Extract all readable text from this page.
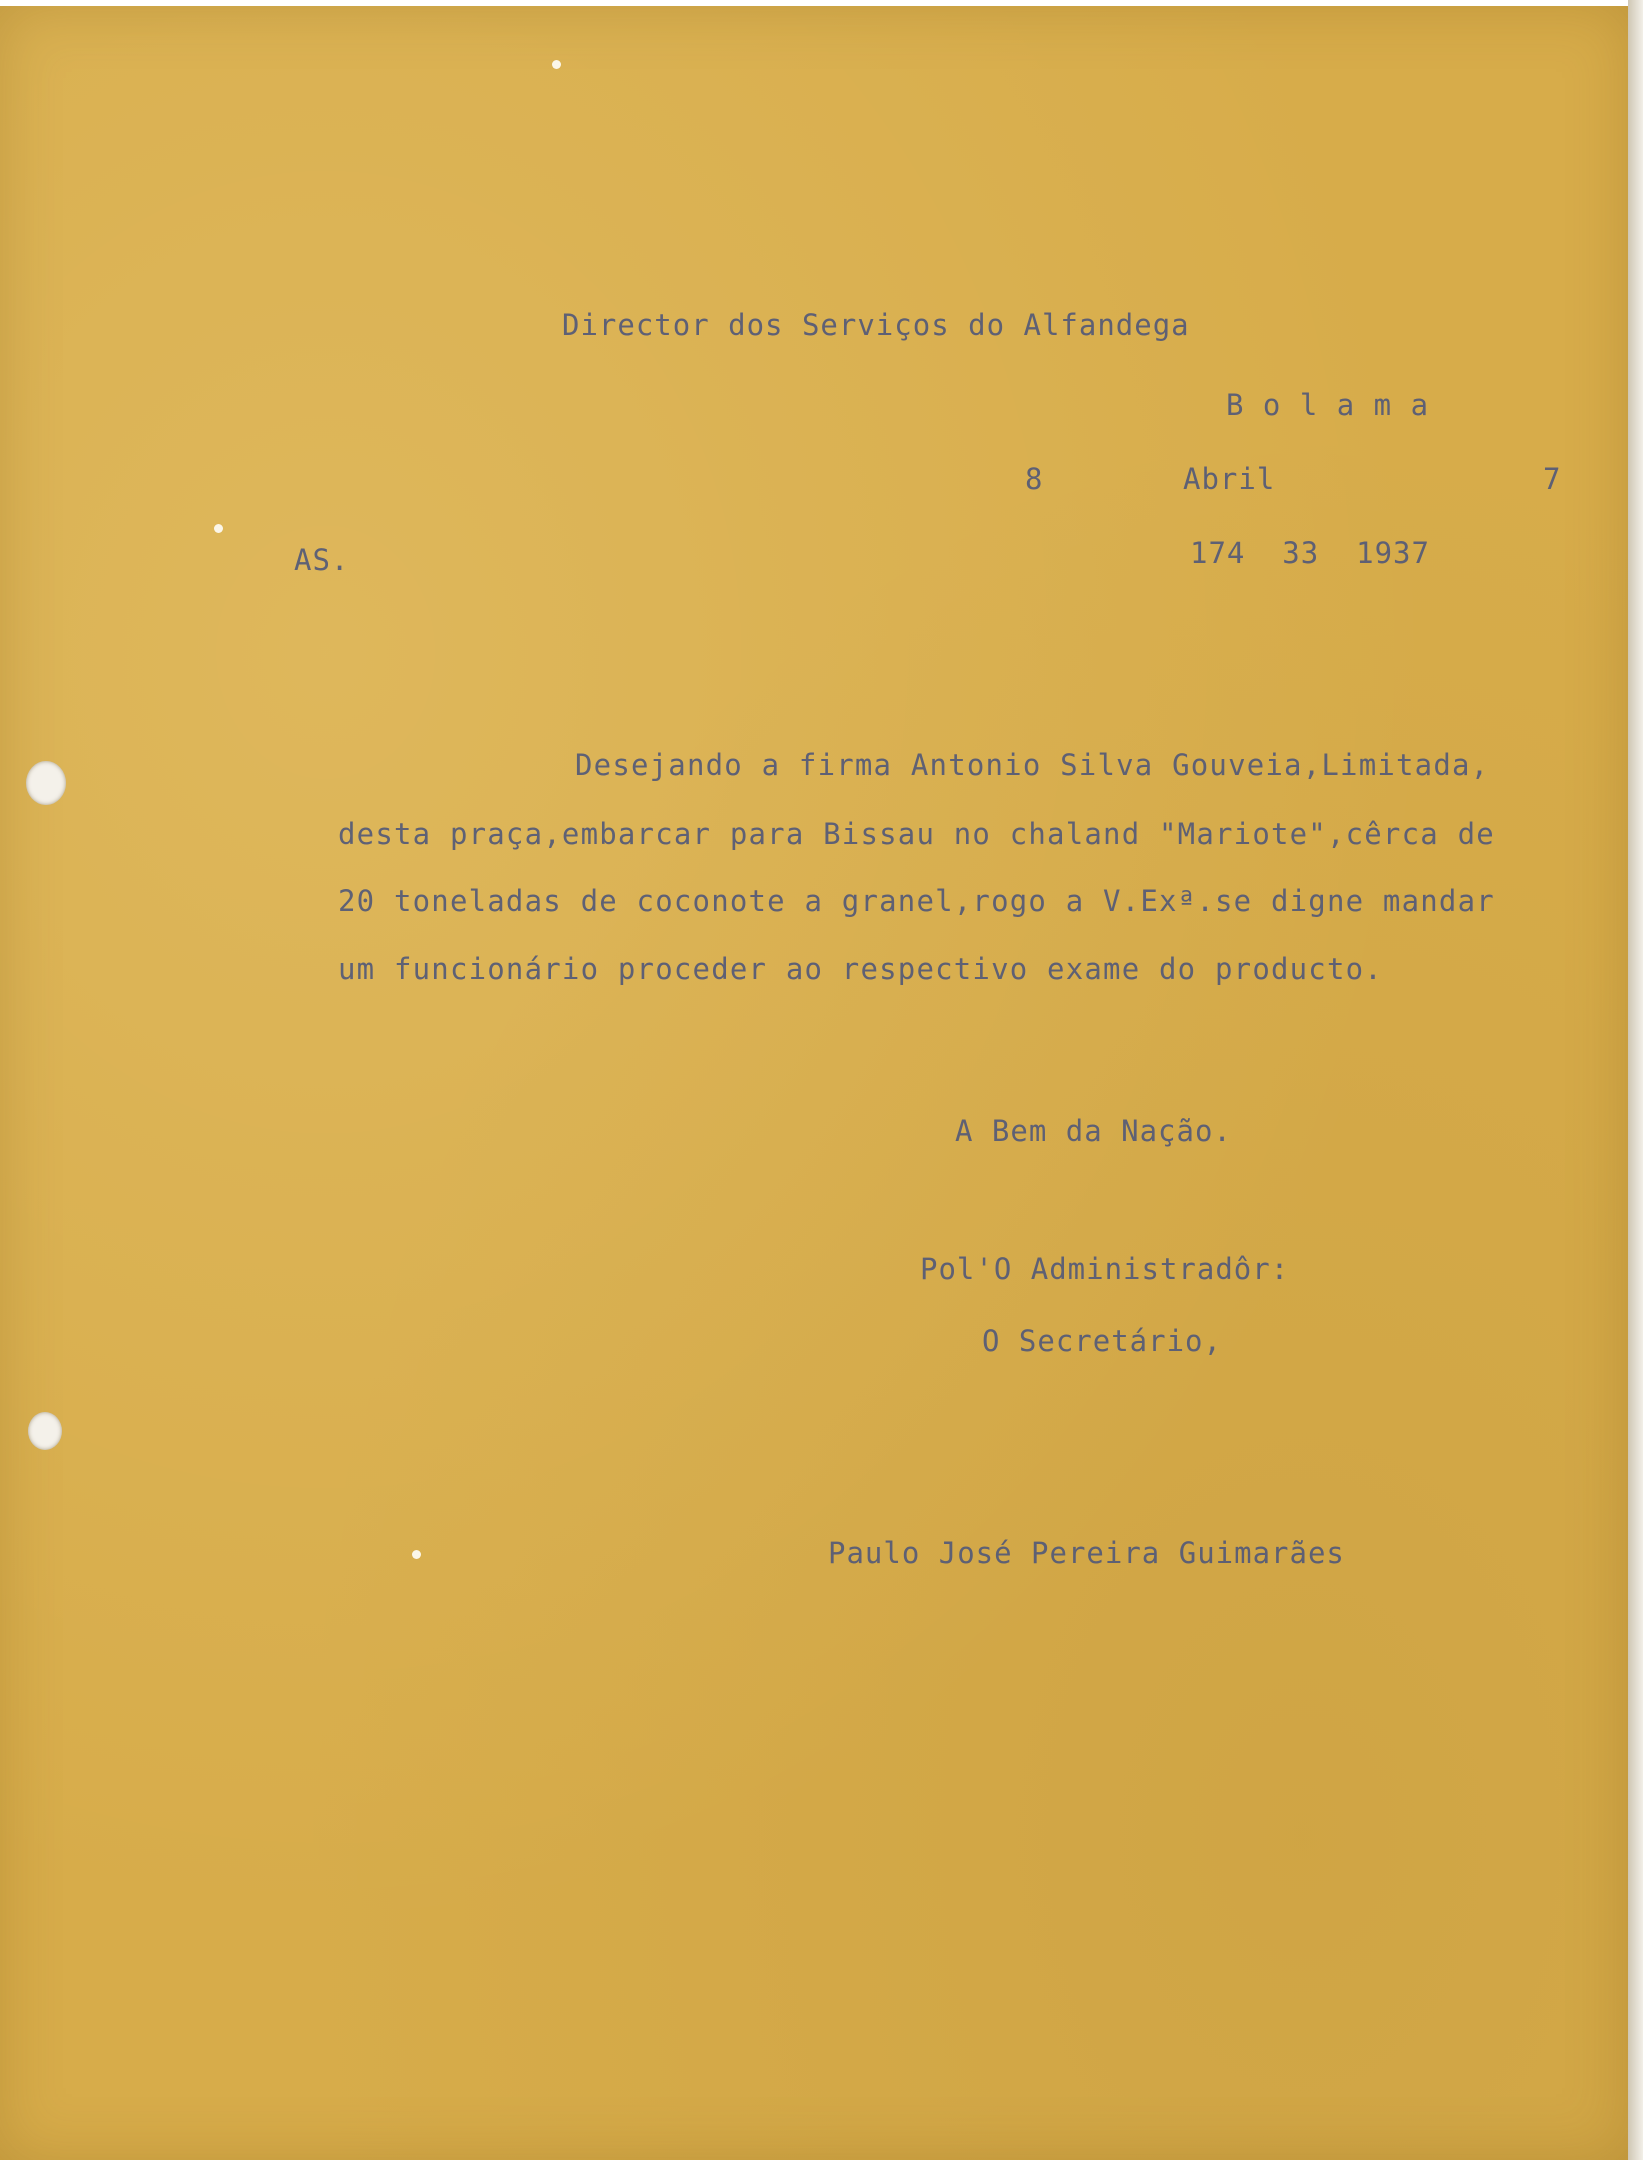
Director dos Serviços do Alfandega

B o l a m a

8	Abril	7

AS.	174  33  1937

Desejando a firma Antonio Silva Gouveia,Limitada,

desta praça,embarcar para Bissau no chaland "Mariote",cêrca de

20 toneladas de coconote a granel,rogo a V.Exª.se digne mandar

um funcionário proceder ao respectivo exame do producto.

A Bem da Nação.

Pol'O Administradôr:

O Secretário,

Paulo José Pereira Guimarães
